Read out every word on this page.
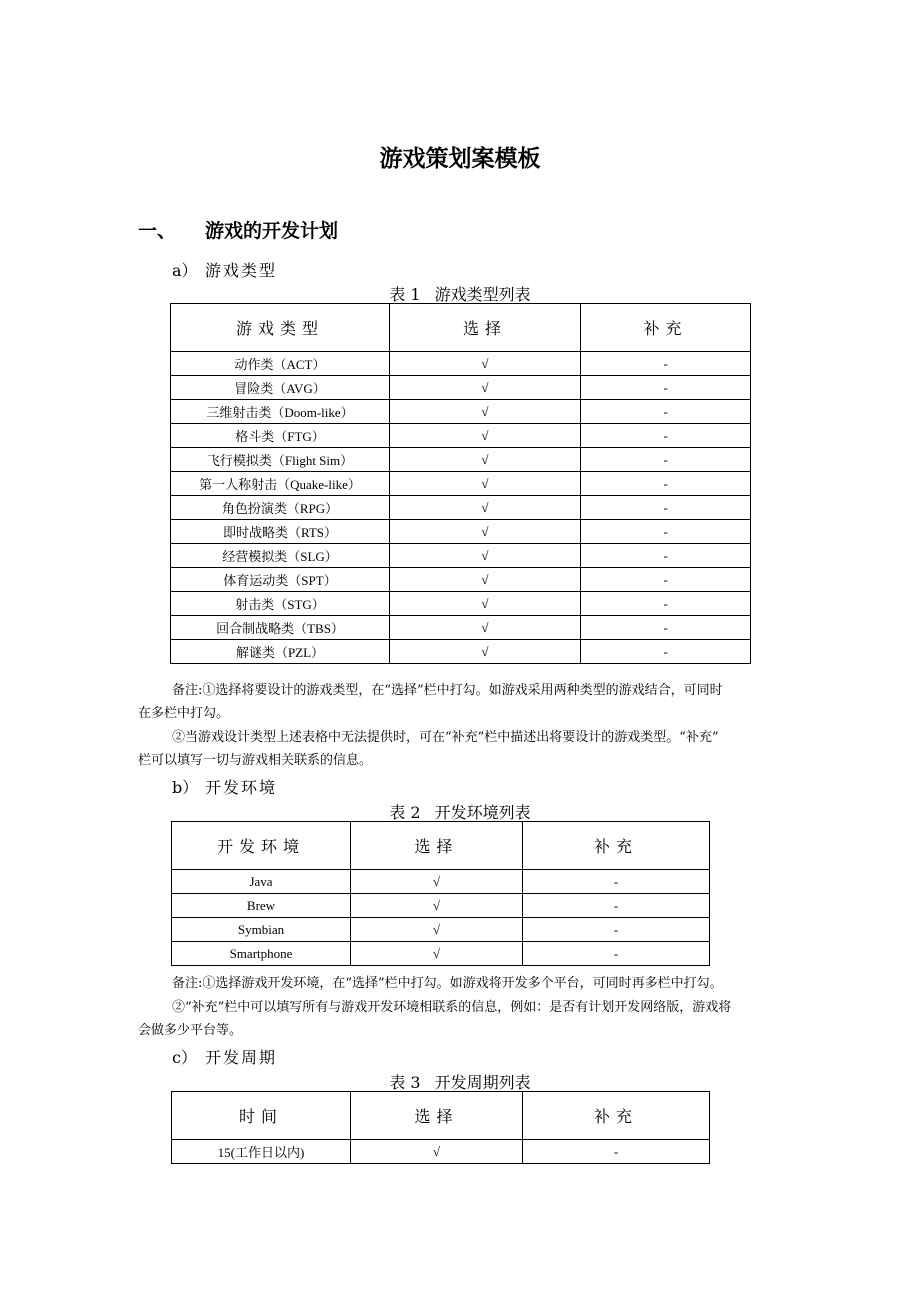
游戏策划案模板
一、 游戏的开发计划
a） 游戏类型
表 1 游戏类型列表
游戏类型	选择	补充
动作类（ACT）	√	-
冒险类（AVG）	√	-
三维射击类（Doom-like）	√	-
格斗类（FTG）	√	-
飞行模拟类（Flight Sim）	√	-
第一人称射击（Quake-like）	√	-
角色扮演类（RPG）	√	-
即时战略类（RTS）	√	-
经营模拟类（SLG）	√	-
体育运动类（SPT）	√	-
射击类（STG）	√	-
回合制战略类（TBS）	√	-
解谜类（PZL）	√	-
备注:①选择将要设计的游戏类型，在“选择”栏中打勾。如游戏采用两种类型的游戏结合，可同时
在多栏中打勾。
②当游戏设计类型上述表格中无法提供时，可在“补充”栏中描述出将要设计的游戏类型。“补充”
栏可以填写一切与游戏相关联系的信息。
b） 开发环境
表 2 开发环境列表
开发环境	选择	补充
Java	√	-
Brew	√	-
Symbian	√	-
Smartphone	√	-
备注:①选择游戏开发环境，在“选择”栏中打勾。如游戏将开发多个平台，可同时再多栏中打勾。
②“补充”栏中可以填写所有与游戏开发环境相联系的信息，例如：是否有计划开发网络版，游戏将
会做多少平台等。
c） 开发周期
表 3 开发周期列表
时间	选择	补充
15(工作日以内)	√	-
